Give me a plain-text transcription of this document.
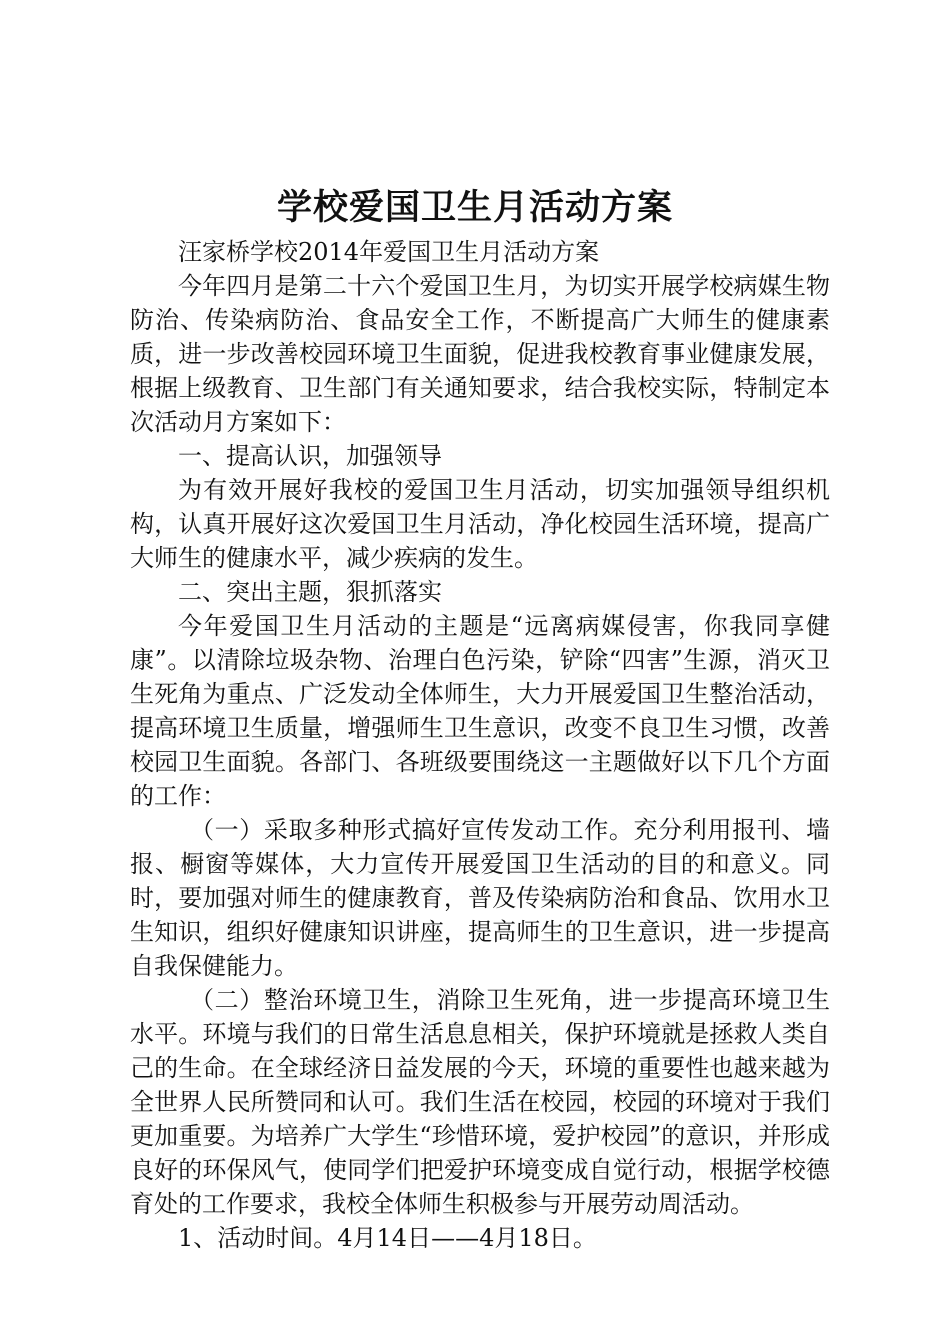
学校爱国卫生月活动方案

汪家桥学校2014年爱国卫生月活动方案

今年四月是第二十六个爱国卫生月，为切实开展学校病媒生物防治、传染病防治、食品安全工作，不断提高广大师生的健康素质，进一步改善校园环境卫生面貌，促进我校教育事业健康发展，根据上级教育、卫生部门有关通知要求，结合我校实际，特制定本次活动月方案如下：

一、提高认识，加强领导

为有效开展好我校的爱国卫生月活动，切实加强领导组织机构，认真开展好这次爱国卫生月活动，净化校园生活环境，提高广大师生的健康水平，减少疾病的发生。

二、突出主题，狠抓落实

今年爱国卫生月活动的主题是“远离病媒侵害，你我同享健康”。以清除垃圾杂物、治理白色污染，铲除“四害”生源，消灭卫生死角为重点、广泛发动全体师生，大力开展爱国卫生整治活动，提高环境卫生质量，增强师生卫生意识，改变不良卫生习惯，改善校园卫生面貌。各部门、各班级要围绕这一主题做好以下几个方面的工作：

（一）采取多种形式搞好宣传发动工作。充分利用报刊、墙报、橱窗等媒体，大力宣传开展爱国卫生活动的目的和意义。同时，要加强对师生的健康教育，普及传染病防治和食品、饮用水卫生知识，组织好健康知识讲座，提高师生的卫生意识，进一步提高自我保健能力。

（二）整治环境卫生，消除卫生死角，进一步提高环境卫生水平。环境与我们的日常生活息息相关，保护环境就是拯救人类自己的生命。在全球经济日益发展的今天，环境的重要性也越来越为全世界人民所赞同和认可。我们生活在校园，校园的环境对于我们更加重要。为培养广大学生“珍惜环境，爱护校园”的意识，并形成良好的环保风气，使同学们把爱护环境变成自觉行动，根据学校德育处的工作要求，我校全体师生积极参与开展劳动周活动。

1、活动时间。4月14日——4月18日。
